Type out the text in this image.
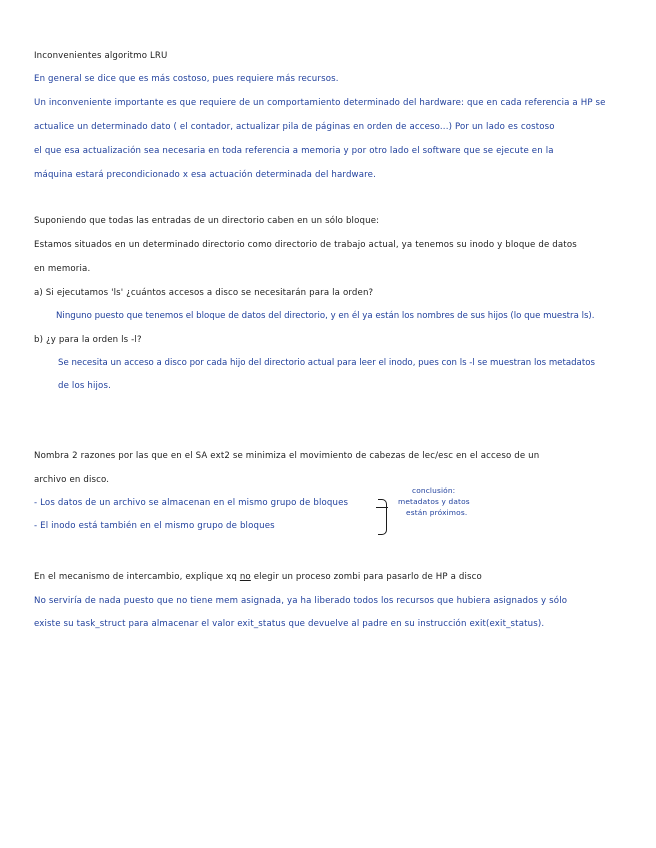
Inconvenientes algoritmo LRU

En general se dice que es más costoso, pues requiere más recursos.

Un inconveniente importante es que requiere de un comportamiento determinado del hardware: que en cada referencia a HP se

actualice un determinado dato ( el contador, actualizar pila de páginas en orden de acceso...) Por un lado es costoso

el que esa actualización sea necesaria en toda referencia a memoria y por otro lado el software que se ejecute en la

máquina estará precondicionado x esa actuación determinada del hardware.

Suponiendo que todas las entradas de un directorio caben en un sólo bloque:

Estamos situados en un determinado directorio como directorio de trabajo actual, ya tenemos su inodo y bloque de datos

en memoria.

a) Si ejecutamos 'ls' ¿cuántos accesos a disco se necesitarán para la orden?

Ninguno puesto que tenemos el bloque de datos del directorio, y en él ya están los nombres de sus hijos (lo que muestra ls).

b) ¿y para la orden ls -l?

Se necesita un acceso a disco por cada hijo del directorio actual para leer el inodo, pues con ls -l se muestran los metadatos

de los hijos.

Nombra 2 razones por las que en el SA ext2 se minimiza el movimiento de cabezas de lec/esc en el acceso de un

archivo en disco.

- Los datos de un archivo se almacenan en el mismo grupo de bloques

- El inodo está también en el mismo grupo de bloques

conclusión:

metadatos y datos

están próximos.

En el mecanismo de intercambio, explique xq no elegir un proceso zombi para pasarlo de HP a disco

No serviría de nada puesto que no tiene mem asignada, ya ha liberado todos los recursos que hubiera asignados y sólo

existe su task_struct para almacenar el valor exit_status que devuelve al padre en su instrucción exit(exit_status).
